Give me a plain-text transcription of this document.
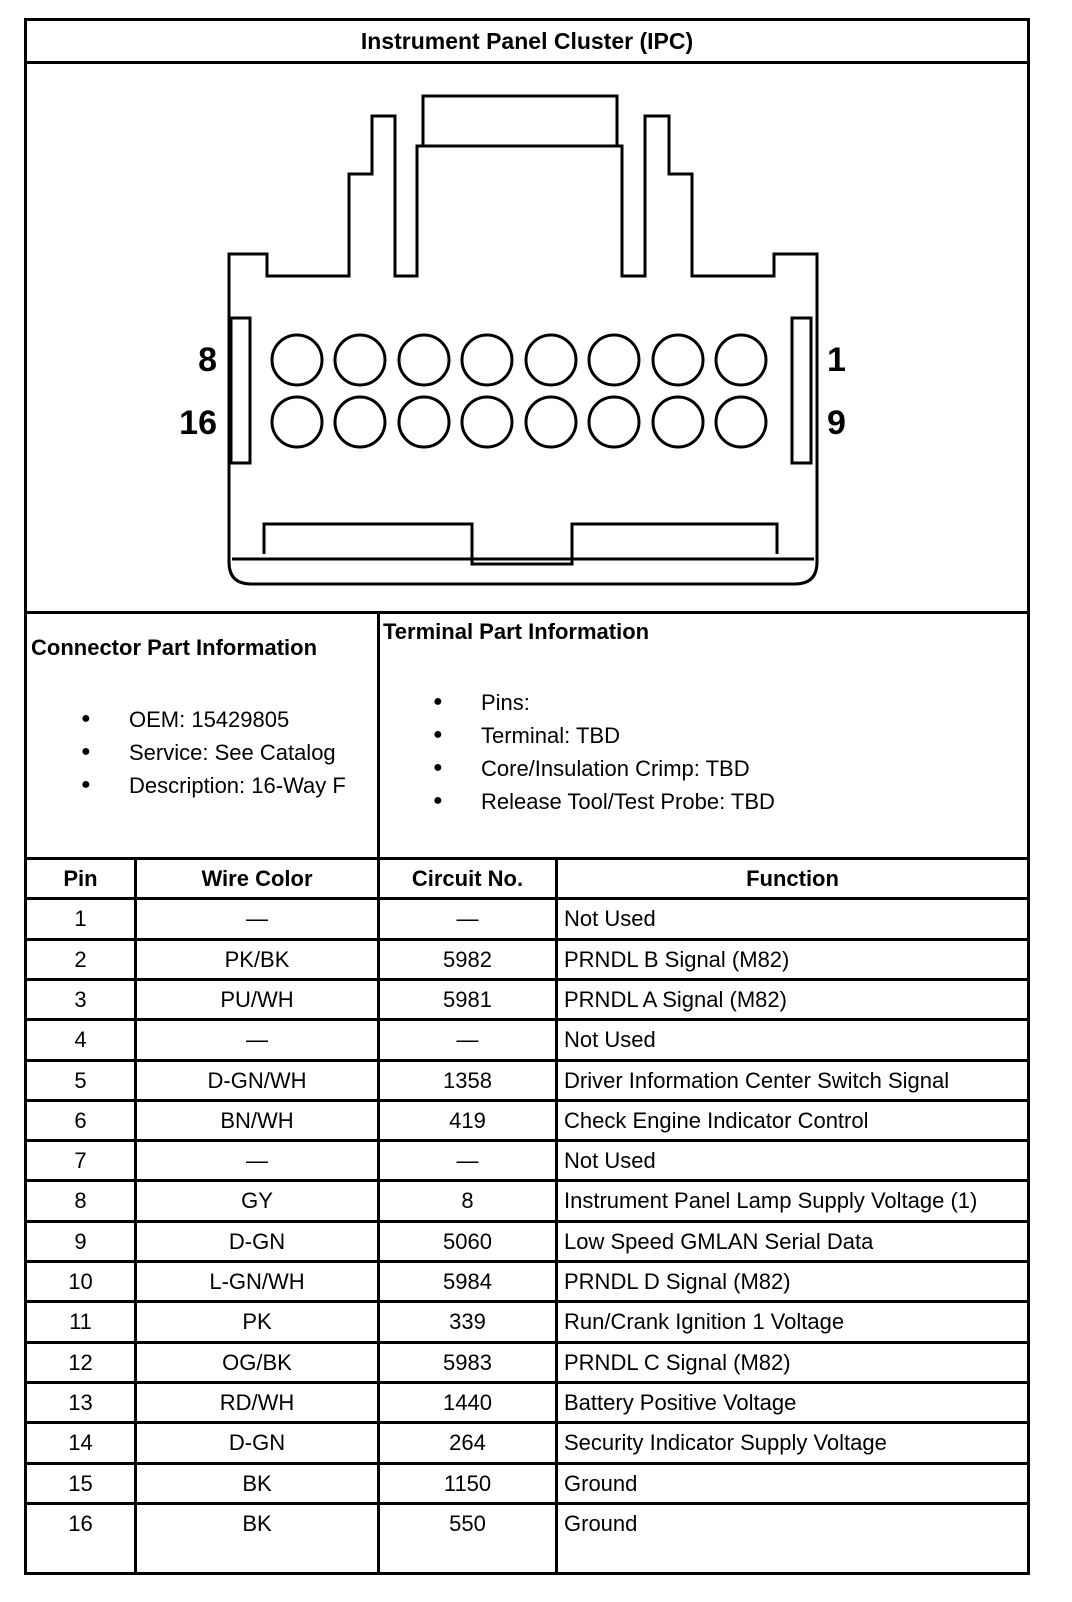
Instrument Panel Cluster (IPC)
8
16
1
9
Connector Part Information
● OEM: 15429805
● Service: See Catalog
● Description: 16-Way F
Terminal Part Information
● Pins:
● Terminal: TBD
● Core/Insulation Crimp: TBD
● Release Tool/Test Probe: TBD
Pin	Wire Color	Circuit No.	Function
1	—	—	Not Used
2	PK/BK	5982	PRNDL B Signal (M82)
3	PU/WH	5981	PRNDL A Signal (M82)
4	—	—	Not Used
5	D-GN/WH	1358	Driver Information Center Switch Signal
6	BN/WH	419	Check Engine Indicator Control
7	—	—	Not Used
8	GY	8	Instrument Panel Lamp Supply Voltage (1)
9	D-GN	5060	Low Speed GMLAN Serial Data
10	L-GN/WH	5984	PRNDL D Signal (M82)
11	PK	339	Run/Crank Ignition 1 Voltage
12	OG/BK	5983	PRNDL C Signal (M82)
13	RD/WH	1440	Battery Positive Voltage
14	D-GN	264	Security Indicator Supply Voltage
15	BK	1150	Ground
16	BK	550	Ground
